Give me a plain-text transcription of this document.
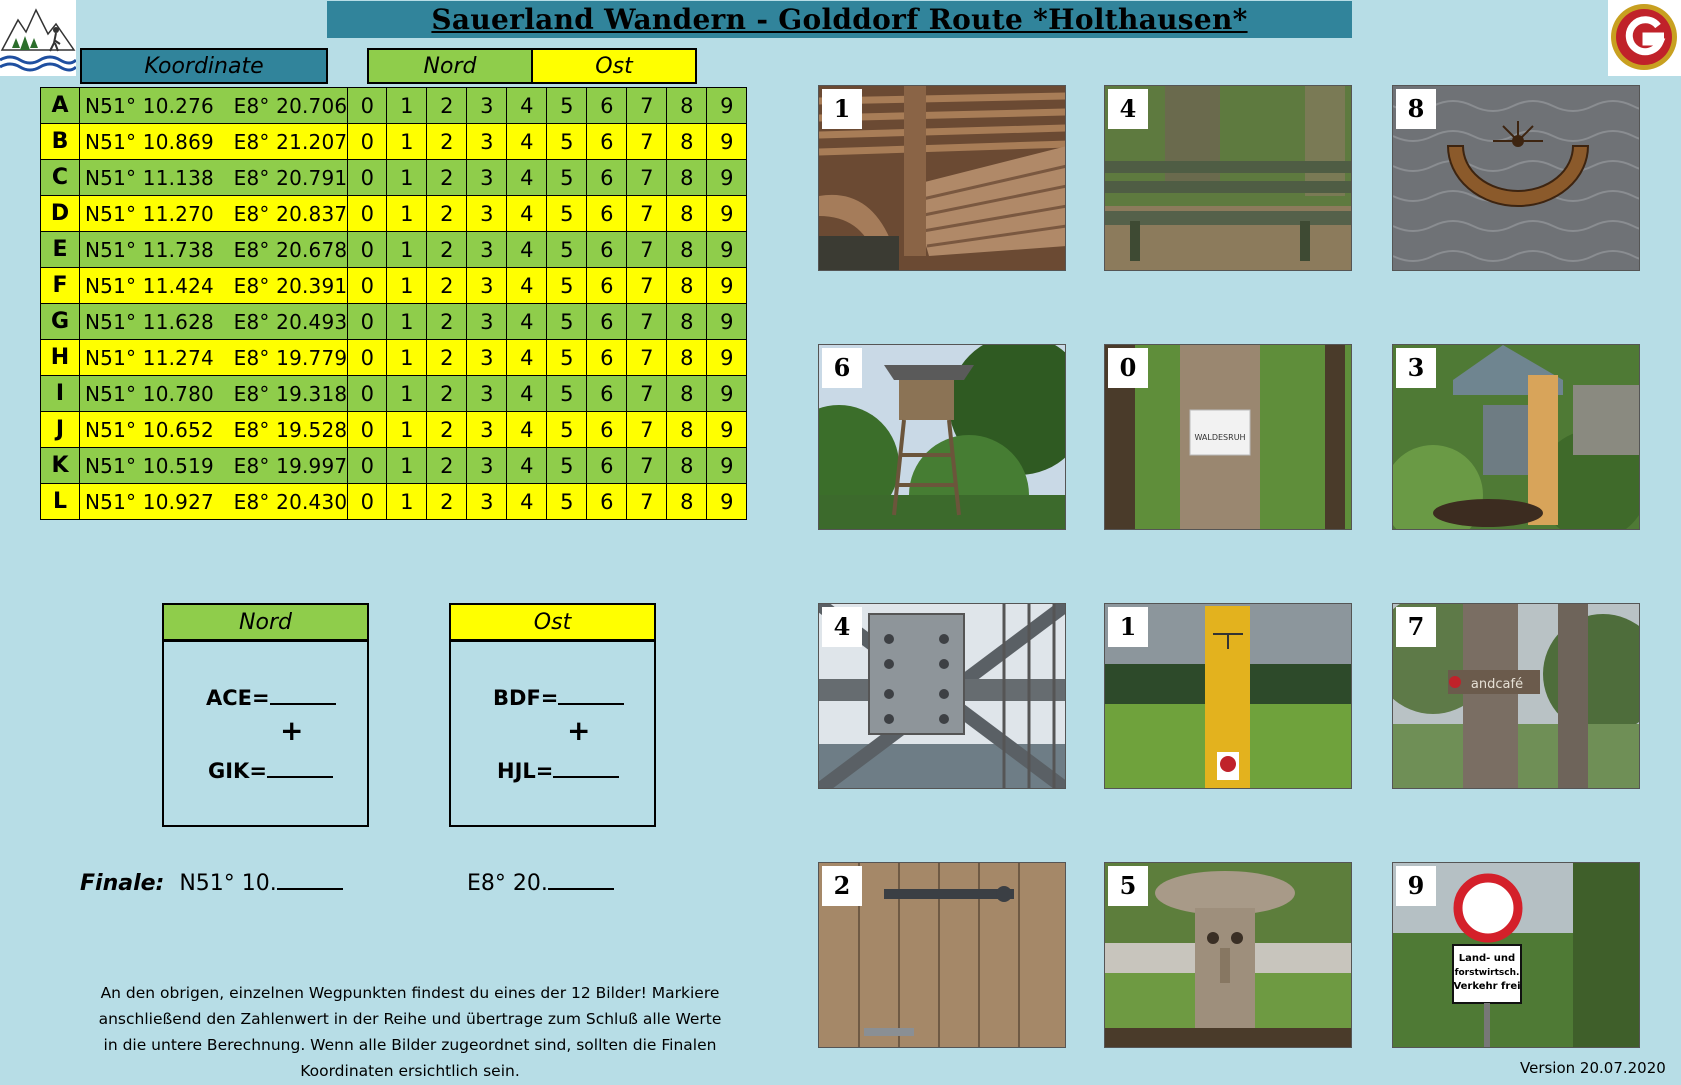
Sauerland Wandern - Golddorf Route *Holthausen*
Koordinate	Nord	Ost
A	N51° 10.276   E8° 20.706	0	1	2	3	4	5	6	7	8	9
B	N51° 10.869   E8° 21.207	0	1	2	3	4	5	6	7	8	9
C	N51° 11.138   E8° 20.791	0	1	2	3	4	5	6	7	8	9
D	N51° 11.270   E8° 20.837	0	1	2	3	4	5	6	7	8	9
E	N51° 11.738   E8° 20.678	0	1	2	3	4	5	6	7	8	9
F	N51° 11.424   E8° 20.391	0	1	2	3	4	5	6	7	8	9
G	N51° 11.628   E8° 20.493	0	1	2	3	4	5	6	7	8	9
H	N51° 11.274   E8° 19.779	0	1	2	3	4	5	6	7	8	9
I	N51° 10.780   E8° 19.318	0	1	2	3	4	5	6	7	8	9
J	N51° 10.652   E8° 19.528	0	1	2	3	4	5	6	7	8	9
K	N51° 10.519   E8° 19.997	0	1	2	3	4	5	6	7	8	9
L	N51° 10.927   E8° 20.430	0	1	2	3	4	5	6	7	8	9
Nord
ACE=
+
GIK=
Ost
BDF=
+
HJL=
Finale: N51° 10.	E8° 20.
An den obrigen, einzelnen Wegpunkten findest du eines der 12 Bilder! Markiere anschließend den Zahlenwert in der Reihe und übertrage zum Schluß alle Werte in die untere Berechnung. Wenn alle Bilder zugeordnet sind, sollten die Finalen Koordinaten ersichtlich sein.	Version 20.07.2020
1	4	8
6
WALDESRUH
0	3
4	1
andcafé
7
2	5
Land- und
forstwirtsch.
Verkehr frei
9
